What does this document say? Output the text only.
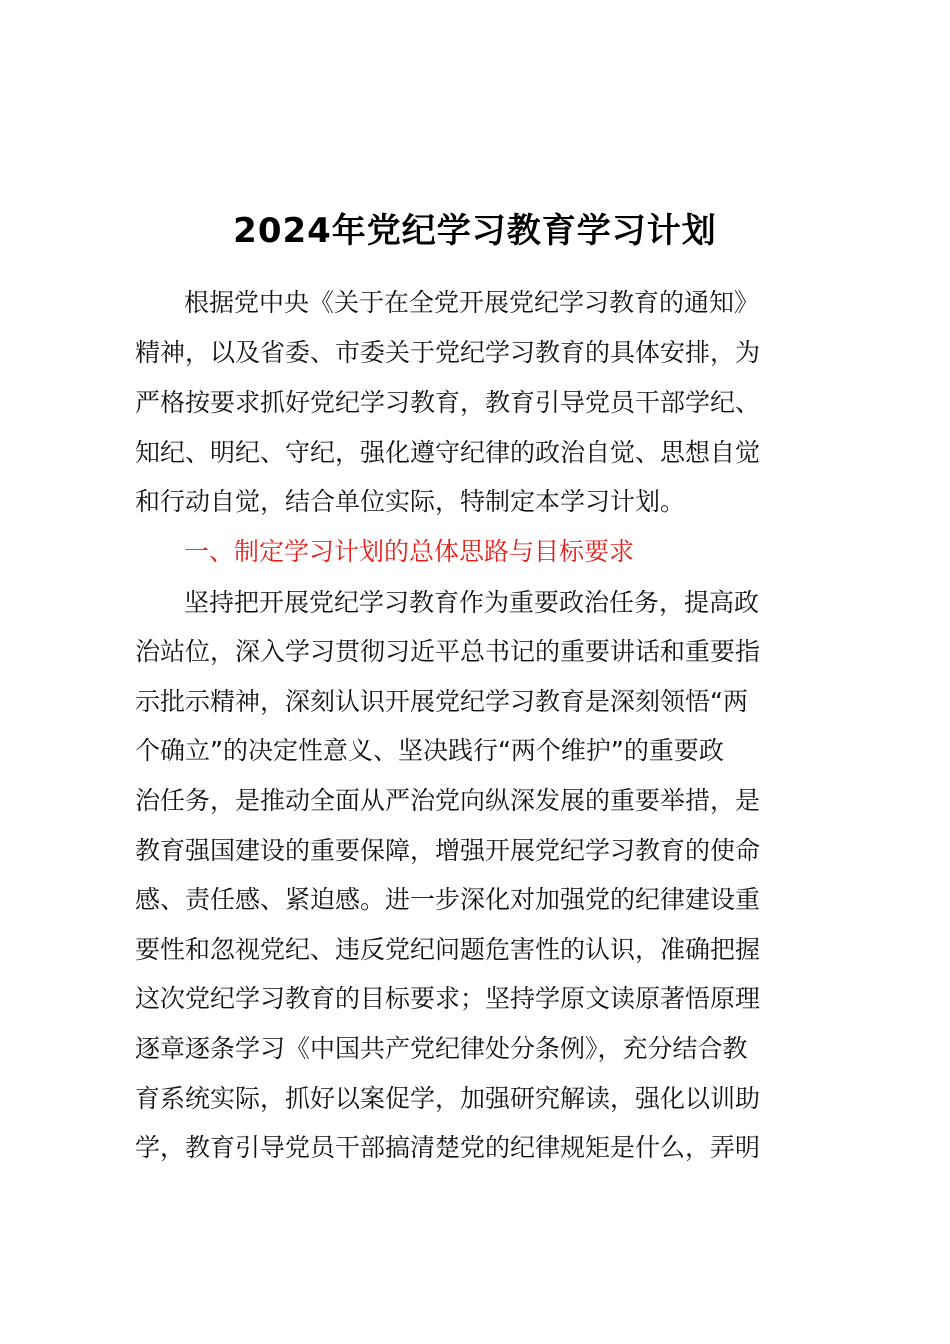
2024年党纪学习教育学习计划
根据党中央《关于在全党开展党纪学习教育的通知》
精神，以及省委、市委关于党纪学习教育的具体安排，为
严格按要求抓好党纪学习教育，教育引导党员干部学纪、
知纪、明纪、守纪，强化遵守纪律的政治自觉、思想自觉
和行动自觉，结合单位实际，特制定本学习计划。
一、制定学习计划的总体思路与目标要求
坚持把开展党纪学习教育作为重要政治任务，提高政
治站位，深入学习贯彻习近平总书记的重要讲话和重要指
示批示精神，深刻认识开展党纪学习教育是深刻领悟“两
个确立”的决定性意义、坚决践行“两个维护”的重要政
治任务，是推动全面从严治党向纵深发展的重要举措，是
教育强国建设的重要保障，增强开展党纪学习教育的使命
感、责任感、紧迫感。进一步深化对加强党的纪律建设重
要性和忽视党纪、违反党纪问题危害性的认识，准确把握
这次党纪学习教育的目标要求；坚持学原文读原著悟原理
逐章逐条学习《中国共产党纪律处分条例》，充分结合教
育系统实际，抓好以案促学，加强研究解读，强化以训助
学，教育引导党员干部搞清楚党的纪律规矩是什么，弄明
